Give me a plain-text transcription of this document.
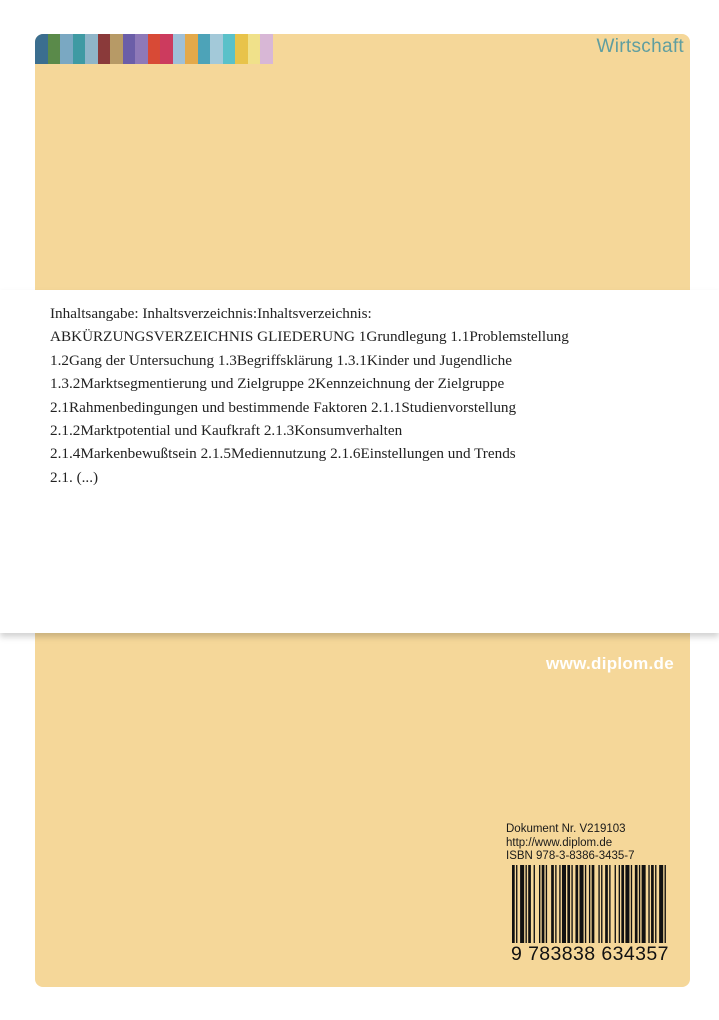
Wirtschaft
Inhaltsangabe: Inhaltsverzeichnis:Inhaltsverzeichnis:
ABKÜRZUNGSVERZEICHNIS GLIEDERUNG 1Grundlegung 1.1Problemstellung
1.2Gang der Untersuchung 1.3Begriffsklärung 1.3.1Kinder und Jugendliche
1.3.2Marktsegmentierung und Zielgruppe 2Kennzeichnung der Zielgruppe
2.1Rahmenbedingungen und bestimmende Faktoren 2.1.1Studienvorstellung
2.1.2Marktpotential und Kaufkraft 2.1.3Konsumverhalten
2.1.4Markenbewußtsein 2.1.5Mediennutzung 2.1.6Einstellungen und Trends
2.1. (...)
www.diplom.de
Dokument Nr. V219103
http://www.diplom.de
ISBN 978-3-8386-3435-7
9 783838 634357
